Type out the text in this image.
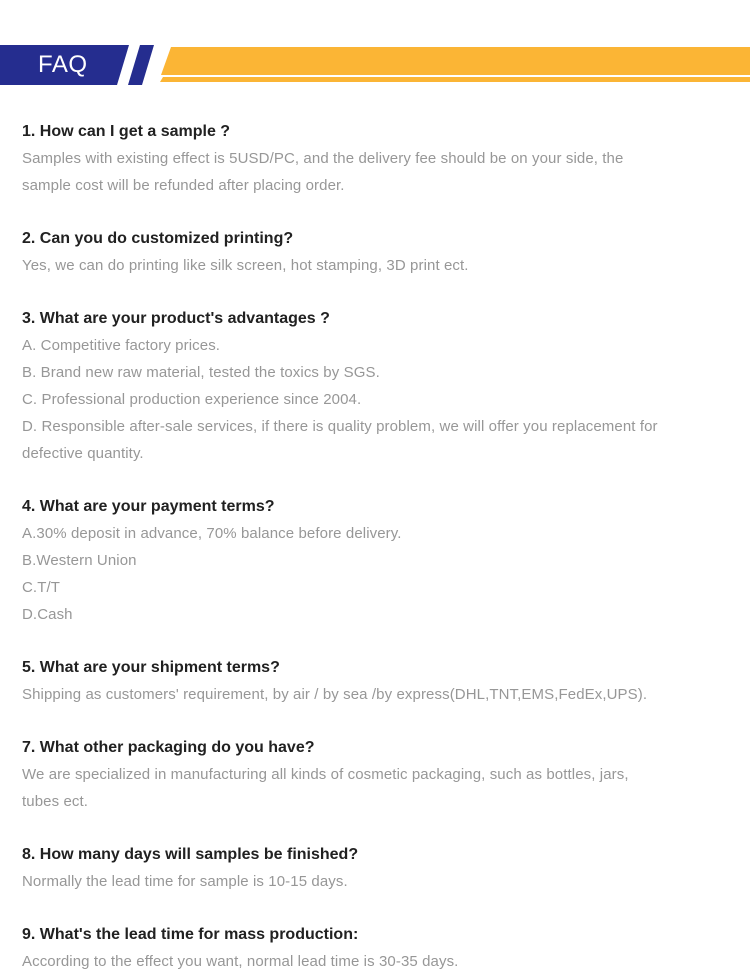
FAQ
1. How can I get a sample ?
Samples with existing effect is 5USD/PC, and the delivery fee should be on your side, the
sample cost will be refunded after placing order.
2. Can you do customized printing?
Yes, we can do printing like silk screen, hot stamping, 3D print ect.
3. What are your product's advantages ?
A. Competitive factory prices.
B. Brand new raw material, tested the toxics by SGS.
C. Professional production experience since 2004.
D. Responsible after-sale services, if there is quality problem, we will offer you replacement for
defective quantity.
4. What are your payment terms?
A.30% deposit in advance, 70% balance before delivery.
B.Western Union
C.T/T
D.Cash
5. What are your shipment terms?
Shipping as customers' requirement, by air / by sea /by express(DHL,TNT,EMS,FedEx,UPS).
7. What other packaging do you have?
We are specialized in manufacturing all kinds of cosmetic packaging, such as bottles, jars,
tubes ect.
8. How many days will samples be finished?
Normally the lead time for sample is 10-15 days.
9. What's the lead time for mass production:
According to the effect you want, normal lead time is 30-35 days.
